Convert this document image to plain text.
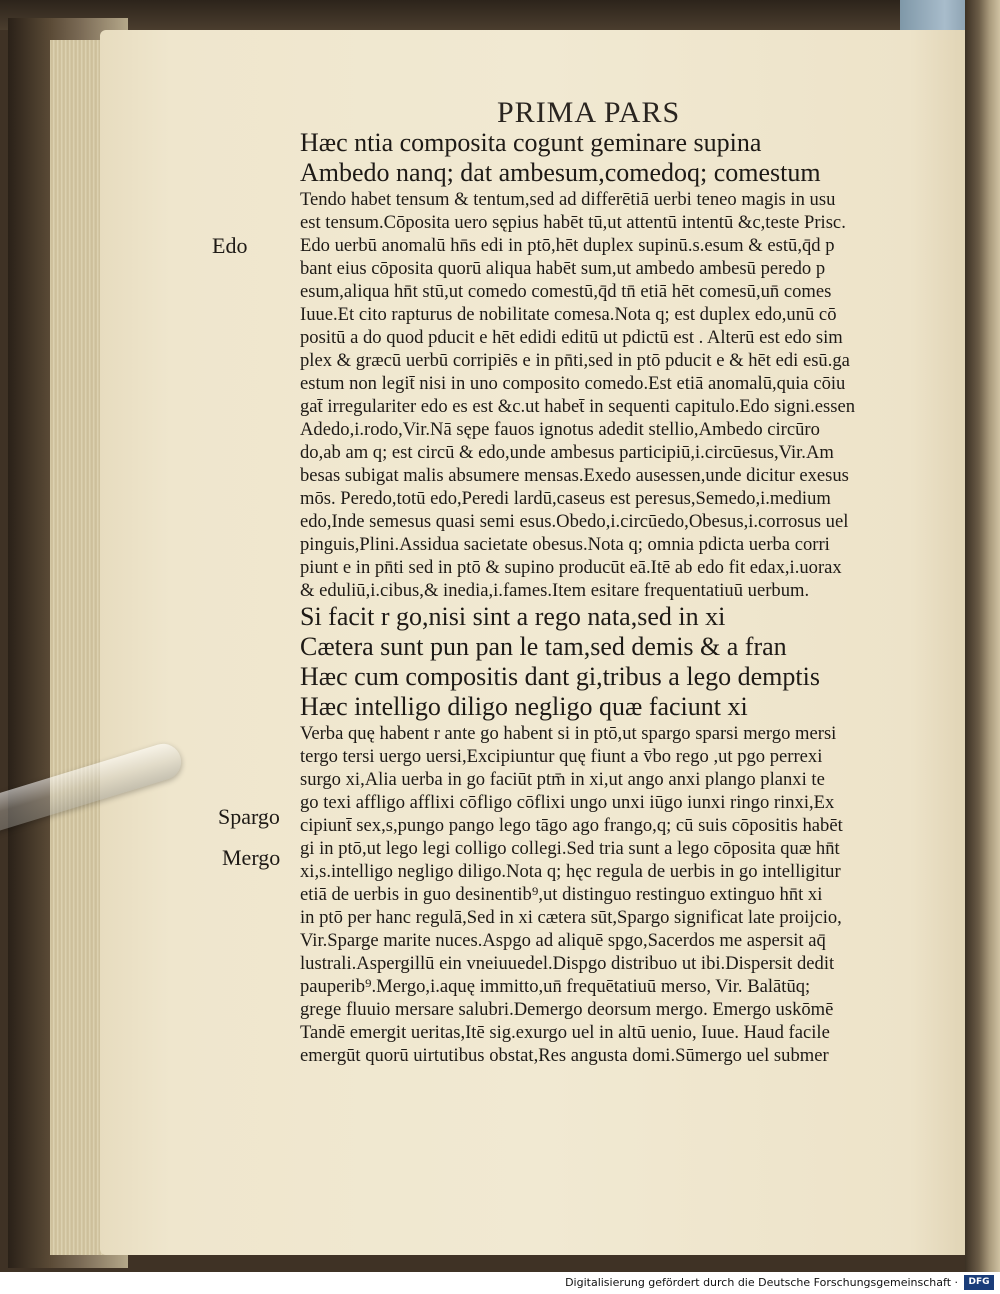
PRIMA PARS
Edo
Spargo
Mergo
Hæc ntia composita cogunt geminare supina
Ambedo nanq; dat ambesum,comedoq; comestum
Tendo habet tensum & tentum,sed ad differētiā uerbi teneo magis in usu
est tensum.Cōposita uero sępius habēt tū,ut attentū intentū &c,teste Prisc.
Edo uerbū anomalū hn̄s edi in ptō,hēt duplex supinū.s.esum & estū,q̄d p
bant eius cōposita quorū aliqua habēt sum,ut ambedo ambesū peredo p
esum,aliqua hn̄t stū,ut comedo comestū,q̄d tn̄ etiā hēt comesū,un̄ comes
Iuue.Et cito rapturus de nobilitate comesa.Nota q; est duplex edo,unū cō
positū a do quod pducit e hēt edidi editū ut pdictū est . Alterū est edo sim
plex & græcū uerbū corripiēs e in pn̄ti,sed in ptō pducit e & hēt edi esū.ga
estum non legit̄ nisi in uno composito comedo.Est etiā anomalū,quia cōiu
gat̄ irregulariter edo es est &c.ut habet̄ in sequenti capitulo.Edo signi.essen
Adedo,i.rodo,Vir.Nā sępe fauos ignotus adedit stellio,Ambedo circūro
do,ab am q; est circū & edo,unde ambesus participiū,i.circūesus,Vir.Am
besas subigat malis absumere mensas.Exedo ausessen,unde dicitur exesus
mōs. Peredo,totū edo,Peredi lardū,caseus est peresus,Semedo,i.medium
edo,Inde semesus quasi semi esus.Obedo,i.circūedo,Obesus,i.corrosus uel
pinguis,Plini.Assidua sacietate obesus.Nota q; omnia pdicta uerba corri
piunt e in pn̄ti sed in ptō & supino producūt eā.Itē ab edo fit edax,i.uorax
& eduliū,i.cibus,& inedia,i.fames.Item esitare frequentatiuū uerbum.
Si facit r go,nisi sint a rego nata,sed in xi
Cætera sunt pun pan le tam,sed demis & a fran
Hæc cum compositis dant gi,tribus a lego demptis
Hæc intelligo diligo negligo quæ faciunt xi
Verba quę habent r ante go habent si in ptō,ut spargo sparsi mergo mersi
tergo tersi uergo uersi,Excipiuntur quę fiunt a v̄bo rego ,ut pgo perrexi
surgo xi,Alia uerba in go faciūt ptm̄ in xi,ut ango anxi plango planxi te
go texi affligo afflixi cōfligo cōflixi ungo unxi iūgo iunxi ringo rinxi,Ex
cipiunt̄ sex,s,pungo pango lego tāgo ago frango,q; cū suis cōpositis habēt
gi in ptō,ut lego legi colligo collegi.Sed tria sunt a lego cōposita quæ hn̄t
xi,s.intelligo negligo diligo.Nota q; hęc regula de uerbis in go intelligitur
etiā de uerbis in guo desinentib⁹,ut distinguo restinguo extinguo hn̄t xi
in ptō per hanc regulā,Sed in xi cætera sūt,Spargo significat late proijcio,
Vir.Sparge marite nuces.Aspgo ad aliquē spgo,Sacerdos me aspersit aq̄
lustrali.Aspergillū ein vneiuuedel.Dispgo distribuo ut ibi.Dispersit dedit
pauperib⁹.Mergo,i.aquę immitto,un̄ frequētatiuū merso, Vir. Balātūq;
grege fluuio mersare salubri.Demergo deorsum mergo. Emergo uskōmē
Tandē emergit ueritas,Itē sig.exurgo uel in altū uenio, Iuue. Haud facile
emergūt quorū uirtutibus obstat,Res angusta domi.Sūmergo uel submer
Digitalisierung gefördert durch die Deutsche Forschungsgemeinschaft ·	DFG
